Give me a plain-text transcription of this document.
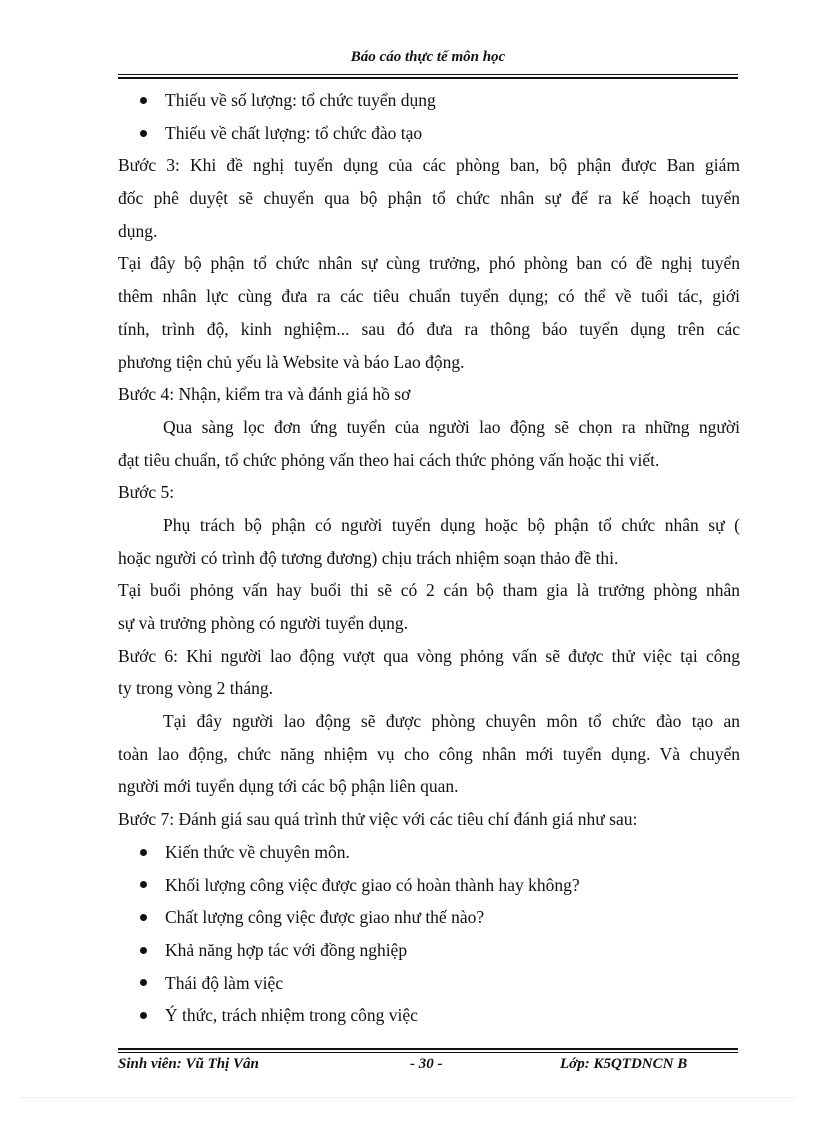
Báo cáo thực tế môn học
Thiếu về số lượng: tổ chức tuyển dụng
Thiếu về chất lượng: tổ chức đào tạo
Bước 3: Khi đề nghị tuyển dụng của các phòng ban, bộ phận được Ban giám
đốc phê duyệt sẽ chuyển qua bộ phận tổ chức nhân sự để ra kế hoạch tuyển
dụng.
Tại đây bộ phận tổ chức nhân sự cùng trưởng, phó phòng ban có đề nghị tuyển
thêm nhân lực cùng đưa ra các tiêu chuẩn tuyển dụng; có thể về tuổi tác, giới
tính, trình độ, kinh nghiệm... sau đó đưa ra thông báo tuyển dụng trên các
phương tiện chủ yếu là Website và báo Lao động.
Bước 4: Nhận, kiểm tra và đánh giá hồ sơ
Qua sàng lọc đơn ứng tuyển của người lao động sẽ chọn ra những người
đạt tiêu chuẩn, tổ chức phỏng vấn theo hai cách thức phỏng vấn hoặc thi viết.
Bước 5:
Phụ trách bộ phận có người tuyển dụng hoặc bộ phận tổ chức nhân sự (
hoặc người có trình độ tương đương) chịu trách nhiệm soạn thảo đề thi.
Tại buổi phỏng vấn hay buổi thi sẽ có 2 cán bộ tham gia là trưởng phòng nhân
sự và trưởng phòng có người tuyển dụng.
Bước 6: Khi người lao động vượt qua vòng phỏng vấn sẽ được thử việc tại công
ty trong vòng 2 tháng.
Tại đây người lao động sẽ được phòng chuyên môn tổ chức đào tạo an
toàn lao động, chức năng nhiệm vụ cho công nhân mới tuyển dụng. Và chuyển
người mới tuyển dụng tới các bộ phận liên quan.
Bước 7: Đánh giá sau quá trình thử việc với các tiêu chí đánh giá như sau:
Kiến thức về chuyên môn.
Khối lượng công việc được giao có hoàn thành hay không?
Chất lượng công việc được giao như thế nào?
Khả năng hợp tác với đồng nghiệp
Thái độ làm việc
Ý thức, trách nhiệm trong công việc
Sinh viên: Vũ Thị Vân	- 30 -	Lớp: K5QTDNCN B
